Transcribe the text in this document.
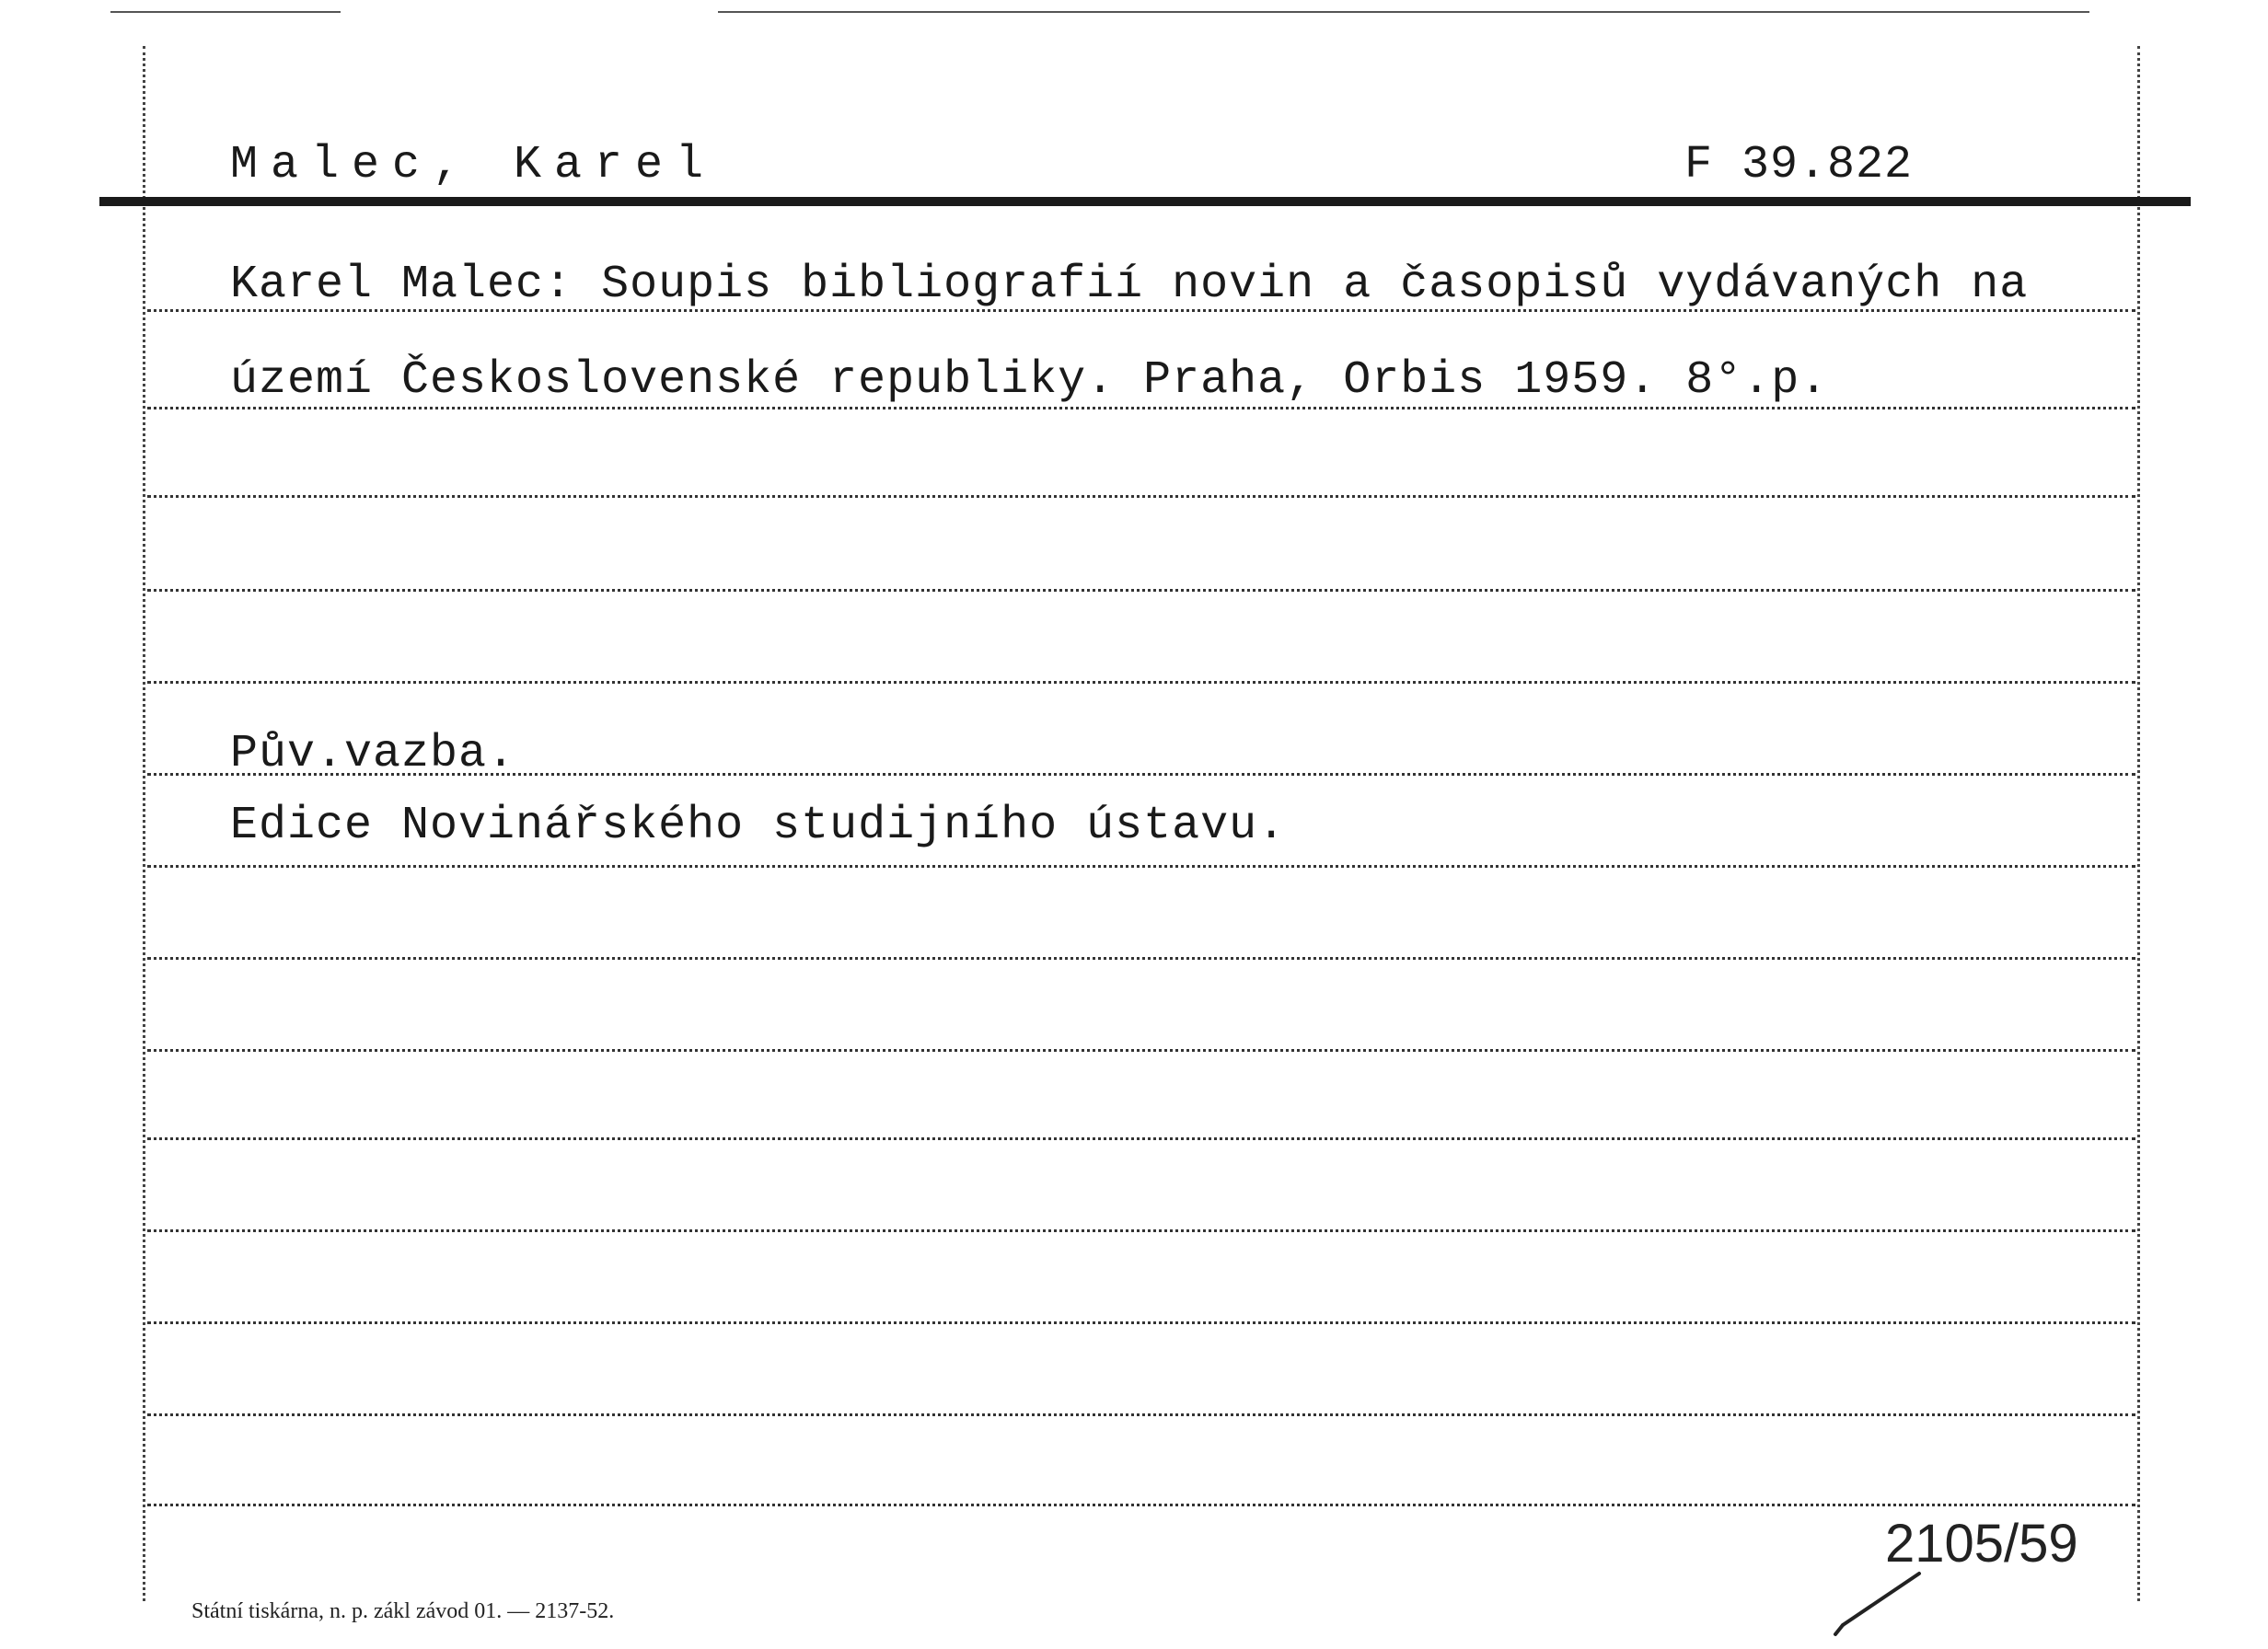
Malec, Karel	F 39.822
Karel Malec: Soupis bibliografií novin a časopisů vydávaných na
území Československé republiky. Praha, Orbis 1959. 8°.p.
Pův.vazba.
Edice Novinářského studijního ústavu.
2105/59
Státní tiskárna, n. p. zákl závod 01. — 2137-52.
